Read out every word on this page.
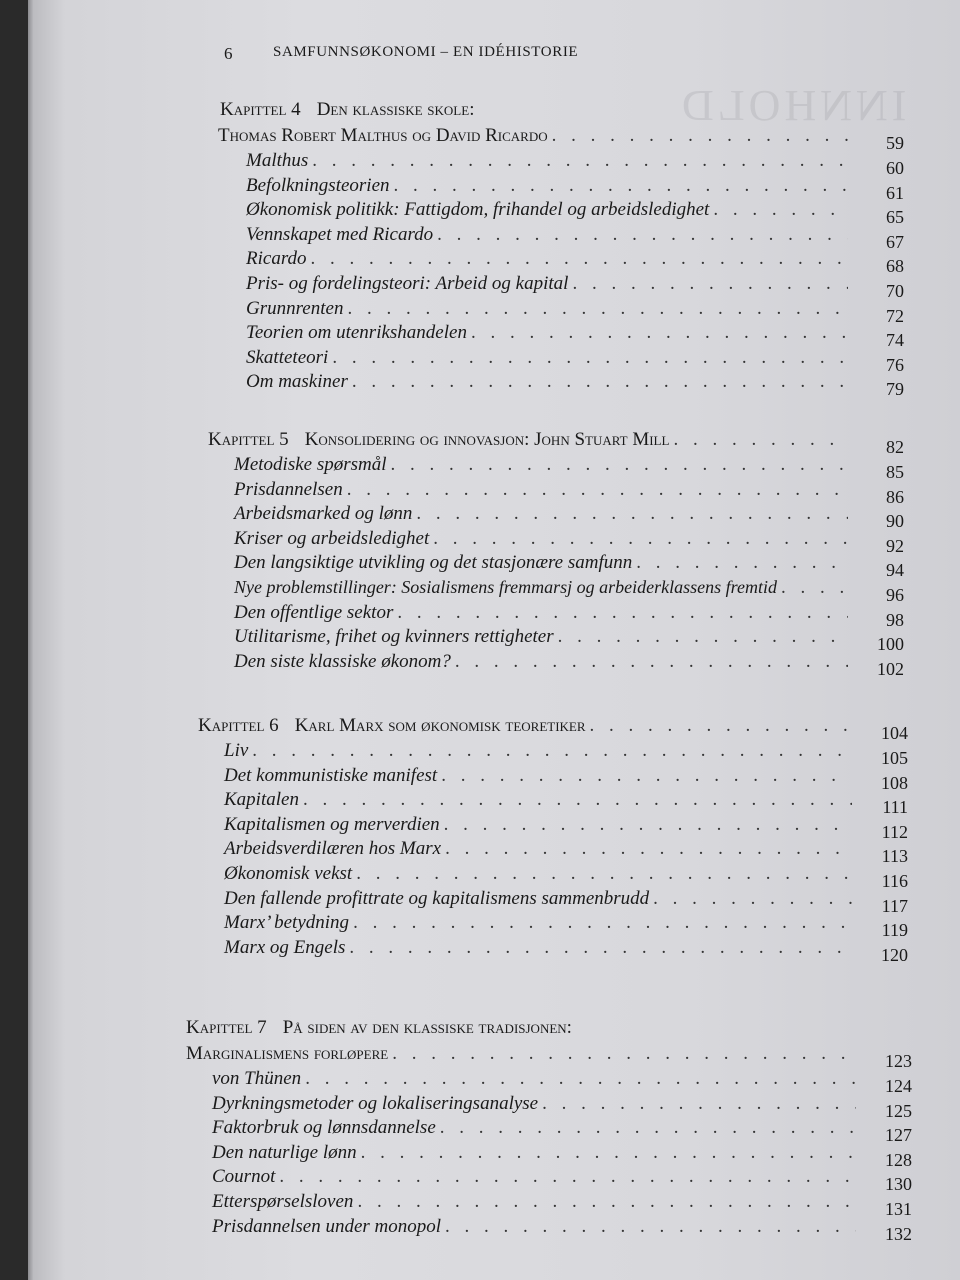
INNHOLD
6	SAMFUNNSØKONOMI – EN IDÉHISTORIE
Kapittel 4 Den klassiske skole:
Thomas Robert Malthus og David Ricardo . . .	59
Malthus . . .	60
Befolkningsteorien . . .	61
Økonomisk politikk: Fattigdom, frihandel og arbeidsledighet . . .	65
Vennskapet med Ricardo . . .	67
Ricardo . . .	68
Pris- og fordelingsteori: Arbeid og kapital . . .	70
Grunnrenten . . .	72
Teorien om utenrikshandelen . . .	74
Skatteteori . . .	76
Om maskiner . . .	79
Kapittel 5 Konsolidering og innovasjon: John Stuart Mill . . .	82
Metodiske spørsmål . . .	85
Prisdannelsen . . .	86
Arbeidsmarked og lønn . . .	90
Kriser og arbeidsledighet . . .	92
Den langsiktige utvikling og det stasjonære samfunn . . .	94
Nye problemstillinger: Sosialismens fremmarsj og arbeiderklassens fremtid . . .	96
Den offentlige sektor . . .	98
Utilitarisme, frihet og kvinners rettigheter . . .	100
Den siste klassiske økonom? . . .	102
Kapittel 6 Karl Marx som økonomisk teoretiker . . .	104
Liv . . .	105
Det kommunistiske manifest . . .	108
Kapitalen . . .	111
Kapitalismen og merverdien . . .	112
Arbeidsverdilæren hos Marx . . .	113
Økonomisk vekst . . .	116
Den fallende profittrate og kapitalismens sammenbrudd . . .	117
Marx’ betydning . . .	119
Marx og Engels . . .	120
Kapittel 7 På siden av den klassiske tradisjonen:
Marginalismens forløpere . . .	123
von Thünen . . .	124
Dyrkningsmetoder og lokaliseringsanalyse . . .	125
Faktorbruk og lønnsdannelse . . .	127
Den naturlige lønn . . .	128
Cournot . . .	130
Etterspørselsloven . . .	131
Prisdannelsen under monopol . . .	132
